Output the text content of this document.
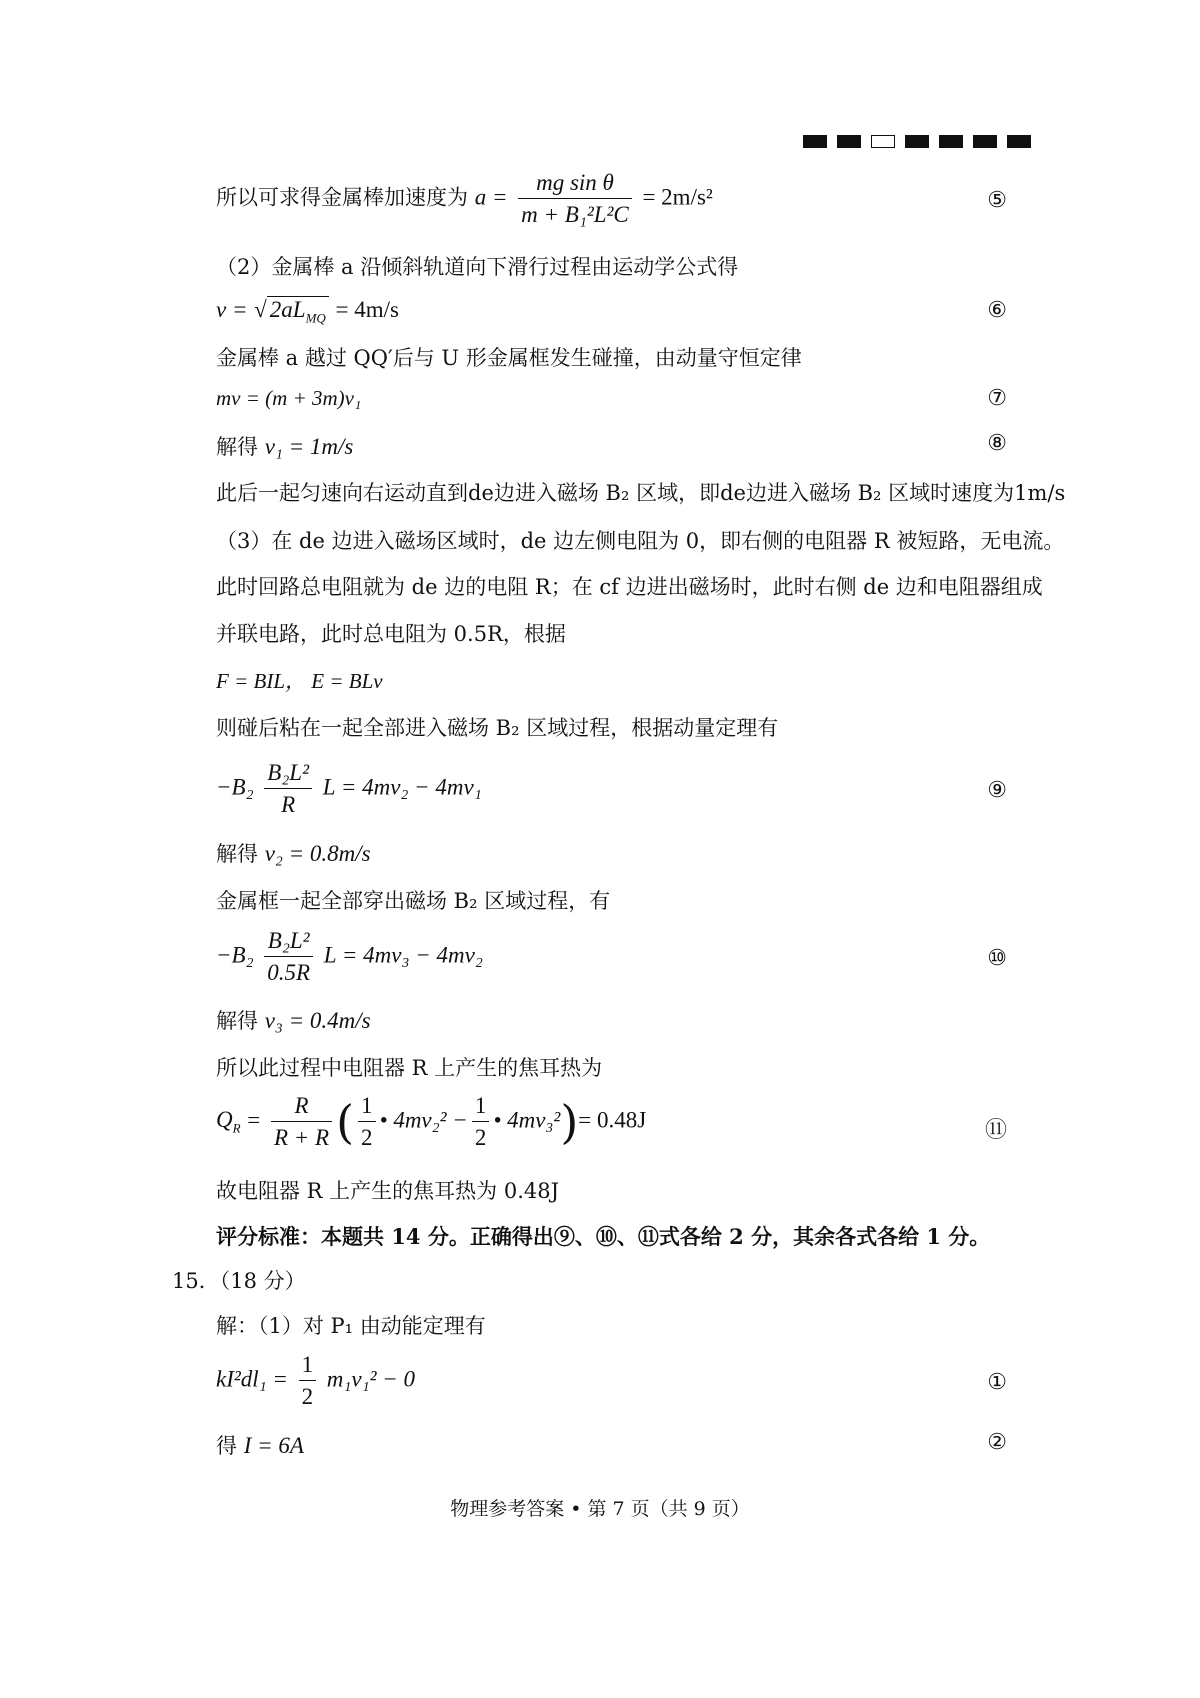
所以可求得金属棒加速度为 $a = \frac{\text{mg sin θ}}{\text{m + B₁²L²C}} = 2m/s^2$	⑤
（2）金属棒 a 沿倾斜轨道向下滑行过程由运动学公式得
v = √ $2aL_{MQ} = 4m/s$	⑥
金属棒 a 越过 QQ′后与 U 形金属框发生碰撞，由动量守恒定律
mv = (m + 3m)v₁	⑦
解得 v₁ = 1m/s	⑧
此后一起匀速向右运动直到de边进入磁场 B₂ 区域，即de边进入磁场 B₂ 区域时速度为1m/s
（3）在 de 边进入磁场区域时，de 边左侧电阻为 0，即右侧的电阻器 R 被短路，无电流。
此时回路总电阻就为 de 边的电阻 R；在 cf 边进出磁场时，此时右侧 de 边和电阻器组成
并联电路，此时总电阻为 0.5R，根据
F = BIL， E = BLv
则碰后粘在一起全部进入磁场 B₂ 区域过程，根据动量定理有
$-B_2 \frac{\text{B₂L²}}{R}$ L = 4mv₂ − 4mv₁	⑨
解得 v₂ = 0.8m/s
金属框一起全部穿出磁场 B₂ 区域过程，有
$-B_2 \frac{\text{B₂L²}}{0.5R}$ L = 4mv₃ − 4mv₂	⑩
解得 v₃ = 0.4m/s
所以此过程中电阻器 R 上产生的焦耳热为
$Q_R = \frac{R}{R + R}$ ( $\frac{1}{2}$ • $4mv_2^2 - \frac{1}{2}$ • 4mv₃²)= 0.48J	⑪
故电阻器 R 上产生的焦耳热为 0.48J
评分标准：本题共 14 分。正确得出⑨、⑩、⑪式各给 2 分，其余各式各给 1 分。
15．（18 分）
解：（1）对 P₁ 由动能定理有
$kI^2dl_1 = \frac{1}{2} m_1v_1^2 - 0$	①
得 I = 6A	②
物理参考答案 • 第 7 页（共 9 页）
